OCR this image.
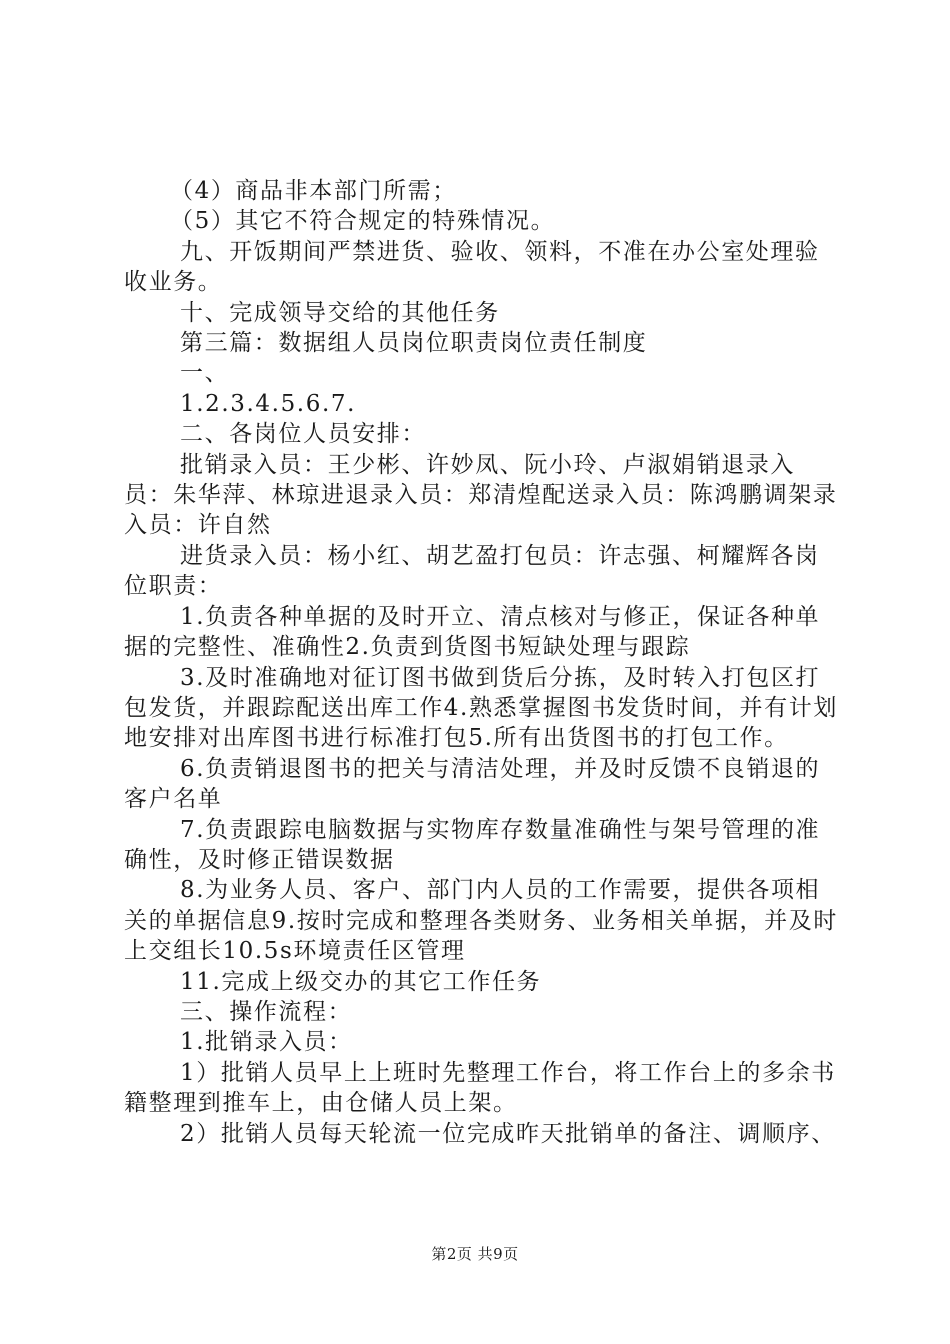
（4）商品非本部门所需；

（5）其它不符合规定的特殊情况。

九、开饭期间严禁进货、验收、领料，不准在办公室处理验收业务。

十、完成领导交给的其他任务

第三篇：数据组人员岗位职责岗位责任制度

一、

1.2.3.4.5.6.7.

二、各岗位人员安排：

批销录入员：王少彬、许妙凤、阮小玲、卢淑娟销退录入员：朱华萍、林琼进退录入员：郑清煌配送录入员：陈鸿鹏调架录入员：许自然

进货录入员：杨小红、胡艺盈打包员：许志强、柯耀辉各岗位职责：

1.负责各种单据的及时开立、清点核对与修正，保证各种单据的完整性、准确性2.负责到货图书短缺处理与跟踪

3.及时准确地对征订图书做到货后分拣，及时转入打包区打包发货，并跟踪配送出库工作4.熟悉掌握图书发货时间，并有计划地安排对出库图书进行标准打包5.所有出货图书的打包工作。

6.负责销退图书的把关与清洁处理，并及时反馈不良销退的客户名单

7.负责跟踪电脑数据与实物库存数量准确性与架号管理的准确性，及时修正错误数据

8.为业务人员、客户、部门内人员的工作需要，提供各项相关的单据信息9.按时完成和整理各类财务、业务相关单据，并及时上交组长10.5s环境责任区管理

11.完成上级交办的其它工作任务

三、操作流程：

1.批销录入员：

1）批销人员早上上班时先整理工作台，将工作台上的多余书籍整理到推车上，由仓储人员上架。

2）批销人员每天轮流一位完成昨天批销单的备注、调顺序、

第2页 共9页
